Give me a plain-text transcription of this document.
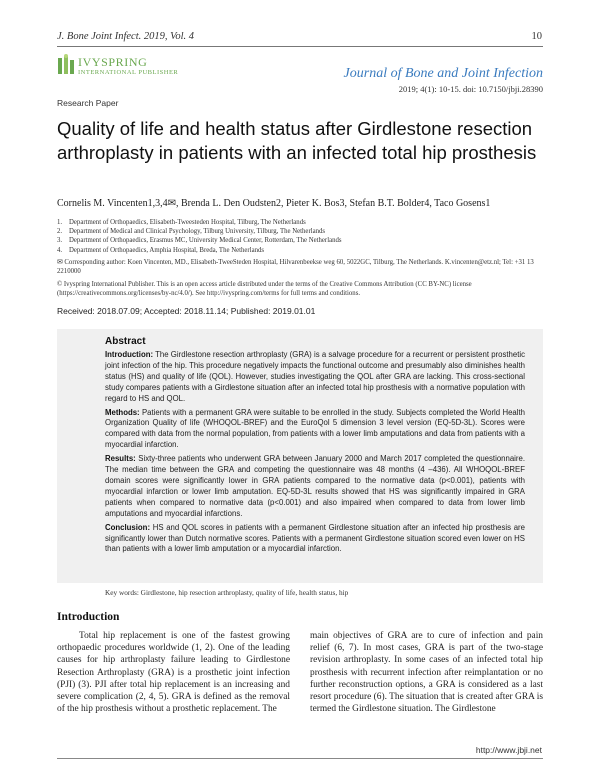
J. Bone Joint Infect. 2019, Vol. 4	10
IVYSPRING
INTERNATIONAL PUBLISHER	Journal of Bone and Joint Infection
2019; 4(1): 10-15. doi: 10.7150/jbji.28390
Research Paper
Quality of life and health status after Girdlestone resection arthroplasty in patients with an infected total hip prosthesis
Cornelis M. Vincenten1,3,4✉, Brenda L. Den Oudsten2, Pieter K. Bos3, Stefan B.T. Bolder4, Taco Gosens1
1.	Department of Orthopaedics, Elisabeth-Tweesteden Hospital, Tilburg, The Netherlands
2.	Department of Medical and Clinical Psychology, Tilburg University, Tilburg, The Netherlands
3.	Department of Orthopaedics, Erasmus MC, University Medical Center, Rotterdam, The Netherlands
4.	Department of Orthopaedics, Amphia Hospital, Breda, The Netherlands
✉ Corresponding author: Koen Vincenten, MD., Elisabeth-TweeSteden Hospital, Hilvarenbeekse weg 60, 5022GC, Tilburg, The Netherlands. K.vincenten@etz.nl; Tel: +31 13 2210000
© Ivyspring International Publisher. This is an open access article distributed under the terms of the Creative Commons Attribution (CC BY-NC) license (https://creativecommons.org/licenses/by-nc/4.0/). See http://ivyspring.com/terms for full terms and conditions.
Received: 2018.07.09; Accepted: 2018.11.14; Published: 2019.01.01
Abstract

Introduction: The Girdlestone resection arthroplasty (GRA) is a salvage procedure for a recurrent or persistent prosthetic joint infection of the hip. This procedure negatively impacts the functional outcome and presumably also diminishes health status (HS) and quality of life (QOL). However, studies investigating the QOL after GRA are lacking. This cross-sectional study compares patients with a Girdlestone situation after an infected total hip prosthesis with a normative population with regard to HS and QOL.

Methods: Patients with a permanent GRA were suitable to be enrolled in the study. Subjects completed the World Health Organization Quality of life (WHOQOL-BREF) and the EuroQol 5 dimension 3 level version (EQ-5D-3L). Scores were compared with data from the normal population, from patients with a lower limb amputations and data from patients with a myocardial infarction.

Results: Sixty-three patients who underwent GRA between January 2000 and March 2017 completed the questionnaire. The median time between the GRA and competing the questionnaire was 48 months (4 –436). All WHOQOL-BREF domain scores were significantly lower in GRA patients compared to the normative data (p<0.001), patients with myocardial infarction or lower limb amputation. EQ-5D-3L results showed that HS was significantly impaired in GRA patients when compared to normative data (p<0.001) and also impaired when compared to data from lower limb amputations and myocardial infarctions.

Conclusion: HS and QOL scores in patients with a permanent Girdlestone situation after an infected hip prosthesis are significantly lower than Dutch normative scores. Patients with a permanent Girdlestone situation scored even lower on HS than patients with a lower limb amputation or a myocardial infarction.

Key words: Girdlestone, hip resection arthroplasty, quality of life, health status, hip
Introduction
Total hip replacement is one of the fastest growing orthopaedic procedures worldwide (1, 2). One of the leading causes for hip arthroplasty failure leading to Girdlestone Resection Arthroplasty (GRA) is a prosthetic joint infection (PJI) (3). PJI after total hip replacement is an increasing and severe complication (2, 4, 5). GRA is defined as the removal of the hip prosthesis without a prosthetic replacement. The
main objectives of GRA are to cure of infection and pain relief (6, 7). In most cases, GRA is part of the two-stage revision arthroplasty. In some cases of an infected total hip prosthesis with recurrent infection after reimplantation or no further reconstruction options, a GRA is considered as a last resort procedure (6). The situation that is created after GRA is termed the Girdlestone situation. The Girdlestone
http://www.jbji.net
